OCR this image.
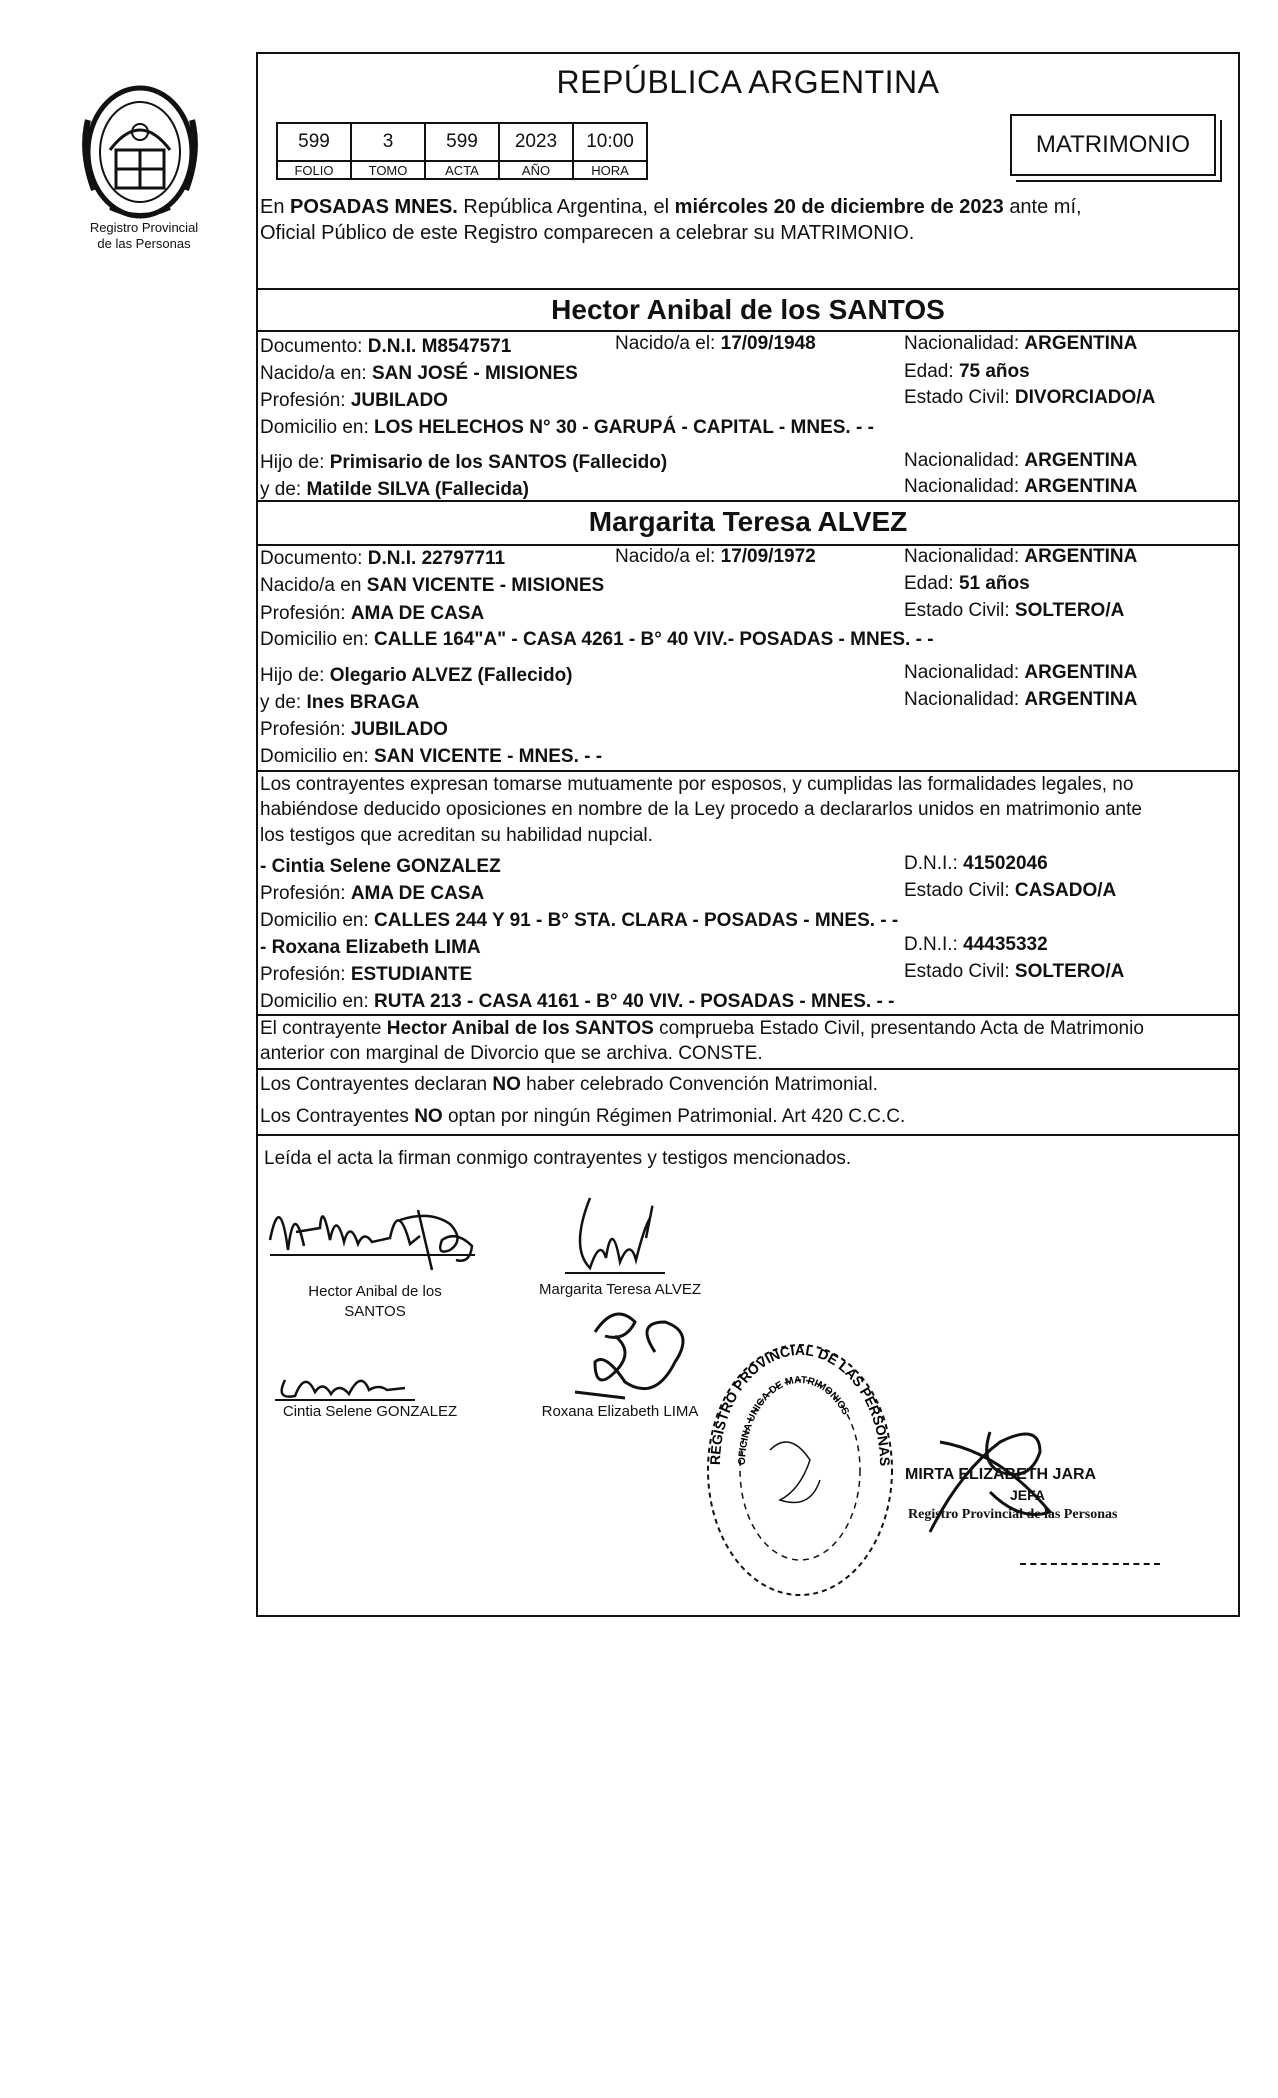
Registro Provincial
de las Personas
REPÚBLICA ARGENTINA
599	3	599	2023	10:00
FOLIO	TOMO	ACTA	AÑO	HORA
MATRIMONIO
En POSADAS MNES. República Argentina, el miércoles 20 de diciembre de 2023 ante mí,
Oficial Público de este Registro comparecen a celebrar su MATRIMONIO.
Hector Anibal de los SANTOS
Documento: D.N.I. M8547571	Nacido/a el: 17/09/1948	Nacionalidad: ARGENTINA
Nacido/a en: SAN JOSÉ - MISIONES	Edad: 75 años
Profesión: JUBILADO	Estado Civil: DIVORCIADO/A
Domicilio en: LOS HELECHOS N° 30 - GARUPÁ - CAPITAL - MNES. - -
Hijo de: Primisario de los SANTOS (Fallecido)	Nacionalidad: ARGENTINA
y de: Matilde SILVA (Fallecida)	Nacionalidad: ARGENTINA
Margarita Teresa ALVEZ
Documento: D.N.I. 22797711	Nacido/a el: 17/09/1972	Nacionalidad: ARGENTINA
Nacido/a en SAN VICENTE - MISIONES	Edad: 51 años
Profesión: AMA DE CASA	Estado Civil: SOLTERO/A
Domicilio en: CALLE 164"A" - CASA 4261 - B° 40 VIV.- POSADAS - MNES. - -
Hijo de: Olegario ALVEZ (Fallecido)	Nacionalidad: ARGENTINA
y de: Ines BRAGA	Nacionalidad: ARGENTINA
Profesión: JUBILADO
Domicilio en: SAN VICENTE - MNES. - -
Los contrayentes expresan tomarse mutuamente por esposos, y cumplidas las formalidades legales, no
habiéndose deducido oposiciones en nombre de la Ley procedo a declararlos unidos en matrimonio ante
los testigos que acreditan su habilidad nupcial.
- Cintia Selene GONZALEZ	D.N.I.: 41502046
Profesión: AMA DE CASA	Estado Civil: CASADO/A
Domicilio en: CALLES 244 Y 91 - B° STA. CLARA - POSADAS - MNES. - -
- Roxana Elizabeth LIMA	D.N.I.: 44435332
Profesión: ESTUDIANTE	Estado Civil: SOLTERO/A
Domicilio en: RUTA 213 - CASA 4161 - B° 40 VIV. - POSADAS - MNES. - -
El contrayente Hector Anibal de los SANTOS comprueba Estado Civil, presentando Acta de Matrimonio
anterior con marginal de Divorcio que se archiva. CONSTE.
Los Contrayentes declaran NO haber celebrado Convención Matrimonial.
Los Contrayentes NO optan por ningún Régimen Patrimonial. Art 420 C.C.C.
Leída el acta la firman conmigo contrayentes y testigos mencionados.
Hector Anibal de los
SANTOS
Margarita Teresa ALVEZ
Cintia Selene GONZALEZ	Roxana Elizabeth LIMA
REGISTRO PROVINCIAL DE LAS PERSONAS
OFICINA UNICA DE MATRIMONIOS
MIRTA ELIZABETH JARA
JEFA
Registro Provincial de las Personas
